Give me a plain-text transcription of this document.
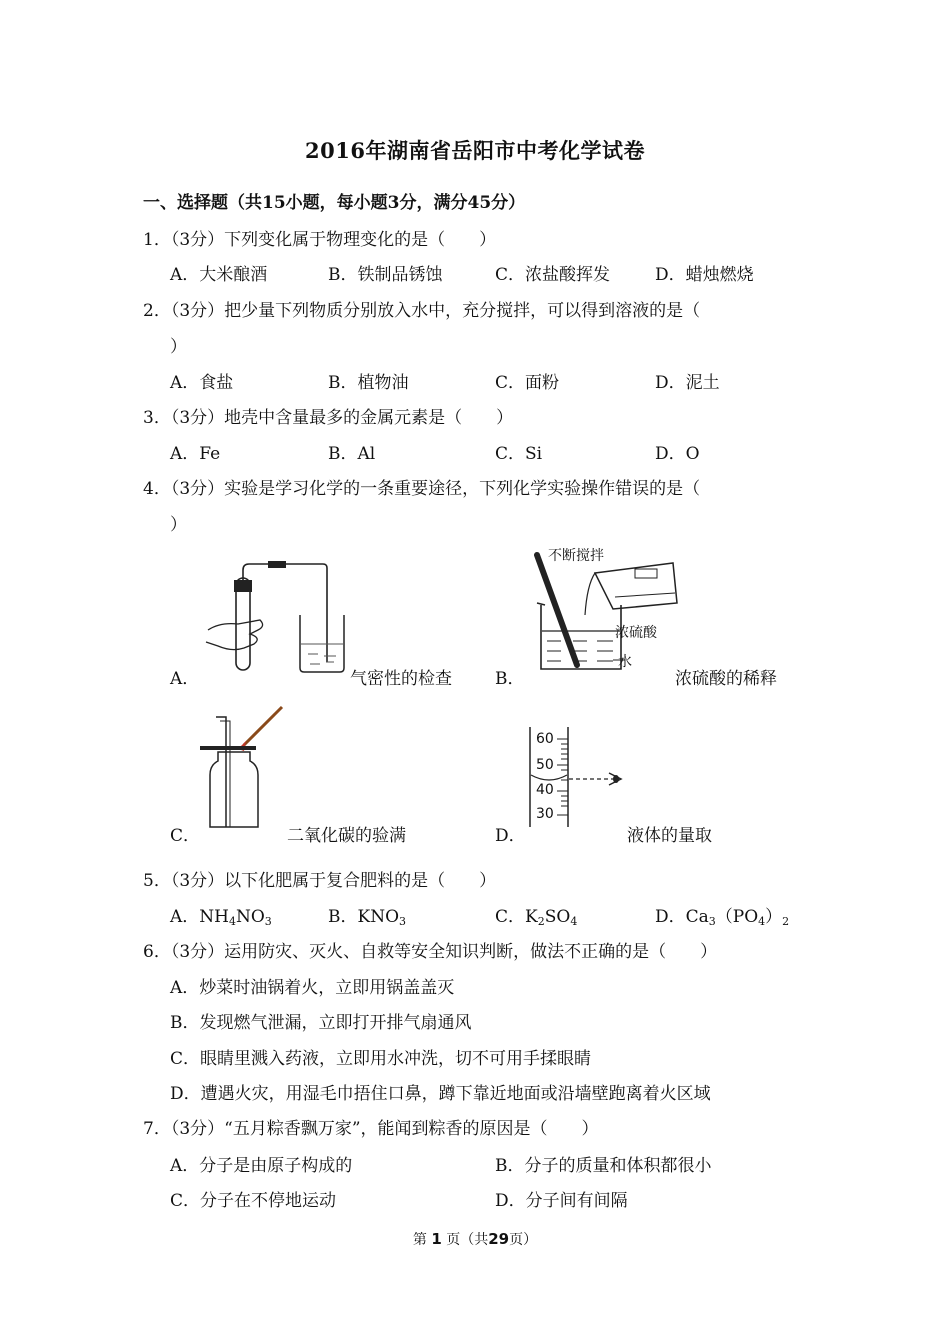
2016年湖南省岳阳市中考化学试卷
一、选择题（共15小题，每小题3分，满分45分）
1．（3分）下列变化属于物理变化的是（　　）
A．大米酿酒	B．铁制品锈蚀	C．浓盐酸挥发	D．蜡烛燃烧
2．（3分）把少量下列物质分别放入水中，充分搅拌，可以得到溶液的是（
）
A．食盐	B．植物油	C．面粉	D．泥土
3．（3分）地壳中含量最多的金属元素是（　　）
A．Fe	B．Al	C．Si	D．O
4．（3分）实验是学习化学的一条重要途径，下列化学实验操作错误的是（
）
A．	气密性的检查
不断搅拌
浓硫酸
水
B．	浓硫酸的稀释
C．	二氧化碳的验满
60
50
40
30
D．	液体的量取
5．（3分）以下化肥属于复合肥料的是（　　）
A．$NH_4NO_3$	B．$KNO_3$	C．$K_2SO_4$	D．$Ca_3(PO_4)_2$
6．（3分）运用防灾、灭火、自救等安全知识判断，做法不正确的是（　　）
A．炒菜时油锅着火，立即用锅盖盖灭
B．发现燃气泄漏，立即打开排气扇通风
C．眼睛里溅入药液，立即用水冲洗，切不可用手揉眼睛
D．遭遇火灾，用湿毛巾捂住口鼻，蹲下靠近地面或沿墙壁跑离着火区域
7．（3分）“五月粽香飘万家”，能闻到粽香的原因是（　　）
A．分子是由原子构成的	B．分子的质量和体积都很小
C．分子在不停地运动	D．分子间有间隔
第 1 页（共29页）
